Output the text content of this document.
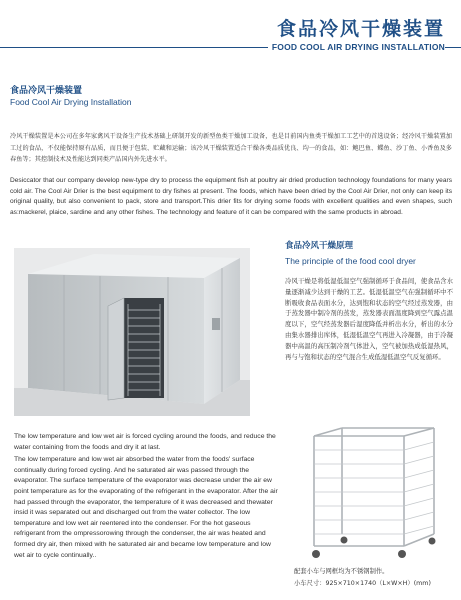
食品冷风干燥装置
FOOD COOL AIR DRYING INSTALLATION
食品冷风干燥装置
Food Cool Air Drying Installation
冷风干燥装置是本公司在多年家禽风干设备生产技术基础上研制开发的新型鱼类干燥加工设备，也是目前国内鱼类干燥加工工艺中的首选设备；经冷风干燥装置加工过的食品，不仅能保持原有品质，而且便于包装、贮藏和运输；该冷风干燥装置适合干燥各类品质优良、均一的食品，如：鲍巴鱼、鲽鱼、沙丁鱼、小香鱼及多春鱼等；其控制技术及性能达到同类产品国内外先进水平。
Desiccator that our company develop new-type dry to process the equipment fish at poultry air dried production technology foundations for many years cold air. The Cool Air Drier is the best equipment to dry fishes at present. The foods, which have been dried by the Cool Air Drier, not only can keep its original quality, but also convenient to pack, store and transport.This drier fits for drying some foods with excellent qualities and even shapes, such as:mackerel, plaice, sardine and any other fishes. The technology and feature of it can be compared with the same products in abroad.
食品冷风干燥原理
The principle of the food cool dryer
冷风干燥是将低湿低温空气强制循环于食品间，使食品含水量逐渐减少达到干燥的工艺。低湿低温空气在强制循环中不断吸收食品表面水分，达到饱和状态的空气经过蒸发器，由于蒸发器中制冷剂的蒸发，蒸发器表面温度降到空气露点温度以下，空气经蒸发器后湿度降低并析出水分，析出的水分由集水器排出库体，低湿低温空气再进入冷凝器，由于冷凝器中高温的高压制冷剂气体进入，空气被加热成低湿热风，再与与饱和状态的空气混合生成低湿低温空气反复循环。

The low temperature and low wet air is forced cycling around the foods, and reduce the water containing from the foods and dry it at last.

The low temperature and low wet air absorbed the water from the foods' surface continually during forced cycling. And he saturated air was passed through the evaporator. The surface temperature of the evaporator was decrease under the air ew point temperature as for the evaporating of the refrigerant in the evaporator. After the air had passed through the evaporator, the temperature of it was decreased and thewater insid it was separated out and discharged out from the water collector. The low temperature and low wet air reentered into the condenser. For the hot gaseous refrigerant from the ompressorowing through the condenser, the air was heated and formed dry air, then mixed with he saturated air and became low temperature and low wet air to cycle continually..

配套小车与网框均为不锈钢制作。
小车尺寸：925×710×1740（L×W×H）(mm)
